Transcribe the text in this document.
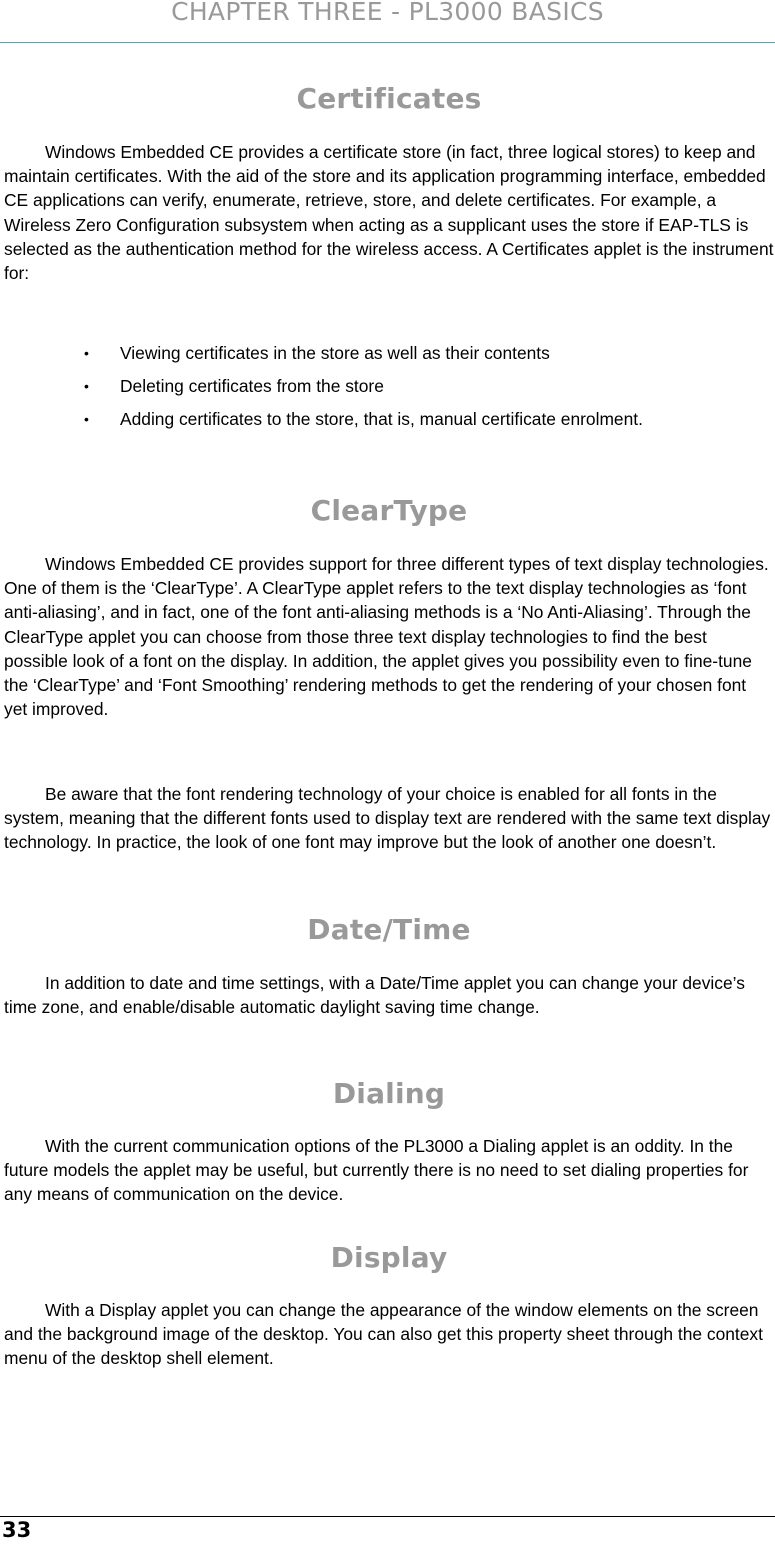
CHAPTER THREE - PL3000 BASICS
Certificates

Windows Embedded CE provides a certificate store (in fact, three logical stores) to keep and maintain certificates. With the aid of the store and its application programming interface, embedded CE applications can verify, enumerate, retrieve, store, and delete certificates. For example, a Wireless Zero Configuration subsystem when acting as a supplicant uses the store if EAP-TLS is selected as the authentication method for the wireless access. A Certificates applet is the instrument for:

• Viewing certificates in the store as well as their contents
• Deleting certificates from the store
• Adding certificates to the store, that is, manual certificate enrolment.
ClearType

Windows Embedded CE provides support for three different types of text display technologies. One of them is the ‘ClearType’. A ClearType applet refers to the text display technologies as ‘font anti-aliasing’, and in fact, one of the font anti-aliasing methods is a ‘No Anti-Aliasing’. Through the ClearType applet you can choose from those three text display technologies to find the best possible look of a font on the display. In addition, the applet gives you possibility even to fine-tune the ‘ClearType’ and ‘Font Smoothing’ rendering methods to get the rendering of your chosen font yet improved.

Be aware that the font rendering technology of your choice is enabled for all fonts in the system, meaning that the different fonts used to display text are rendered with the same text display technology. In practice, the look of one font may improve but the look of another one doesn’t.

Date/Time

In addition to date and time settings, with a Date/Time applet you can change your device’s time zone, and enable/disable automatic daylight saving time change.

Dialing

With the current communication options of the PL3000 a Dialing applet is an oddity. In the future models the applet may be useful, but currently there is no need to set dialing properties for any means of communication on the device.

Display

With a Display applet you can change the appearance of the window elements on the screen and the background image of the desktop. You can also get this property sheet through the context menu of the desktop shell element.

33
